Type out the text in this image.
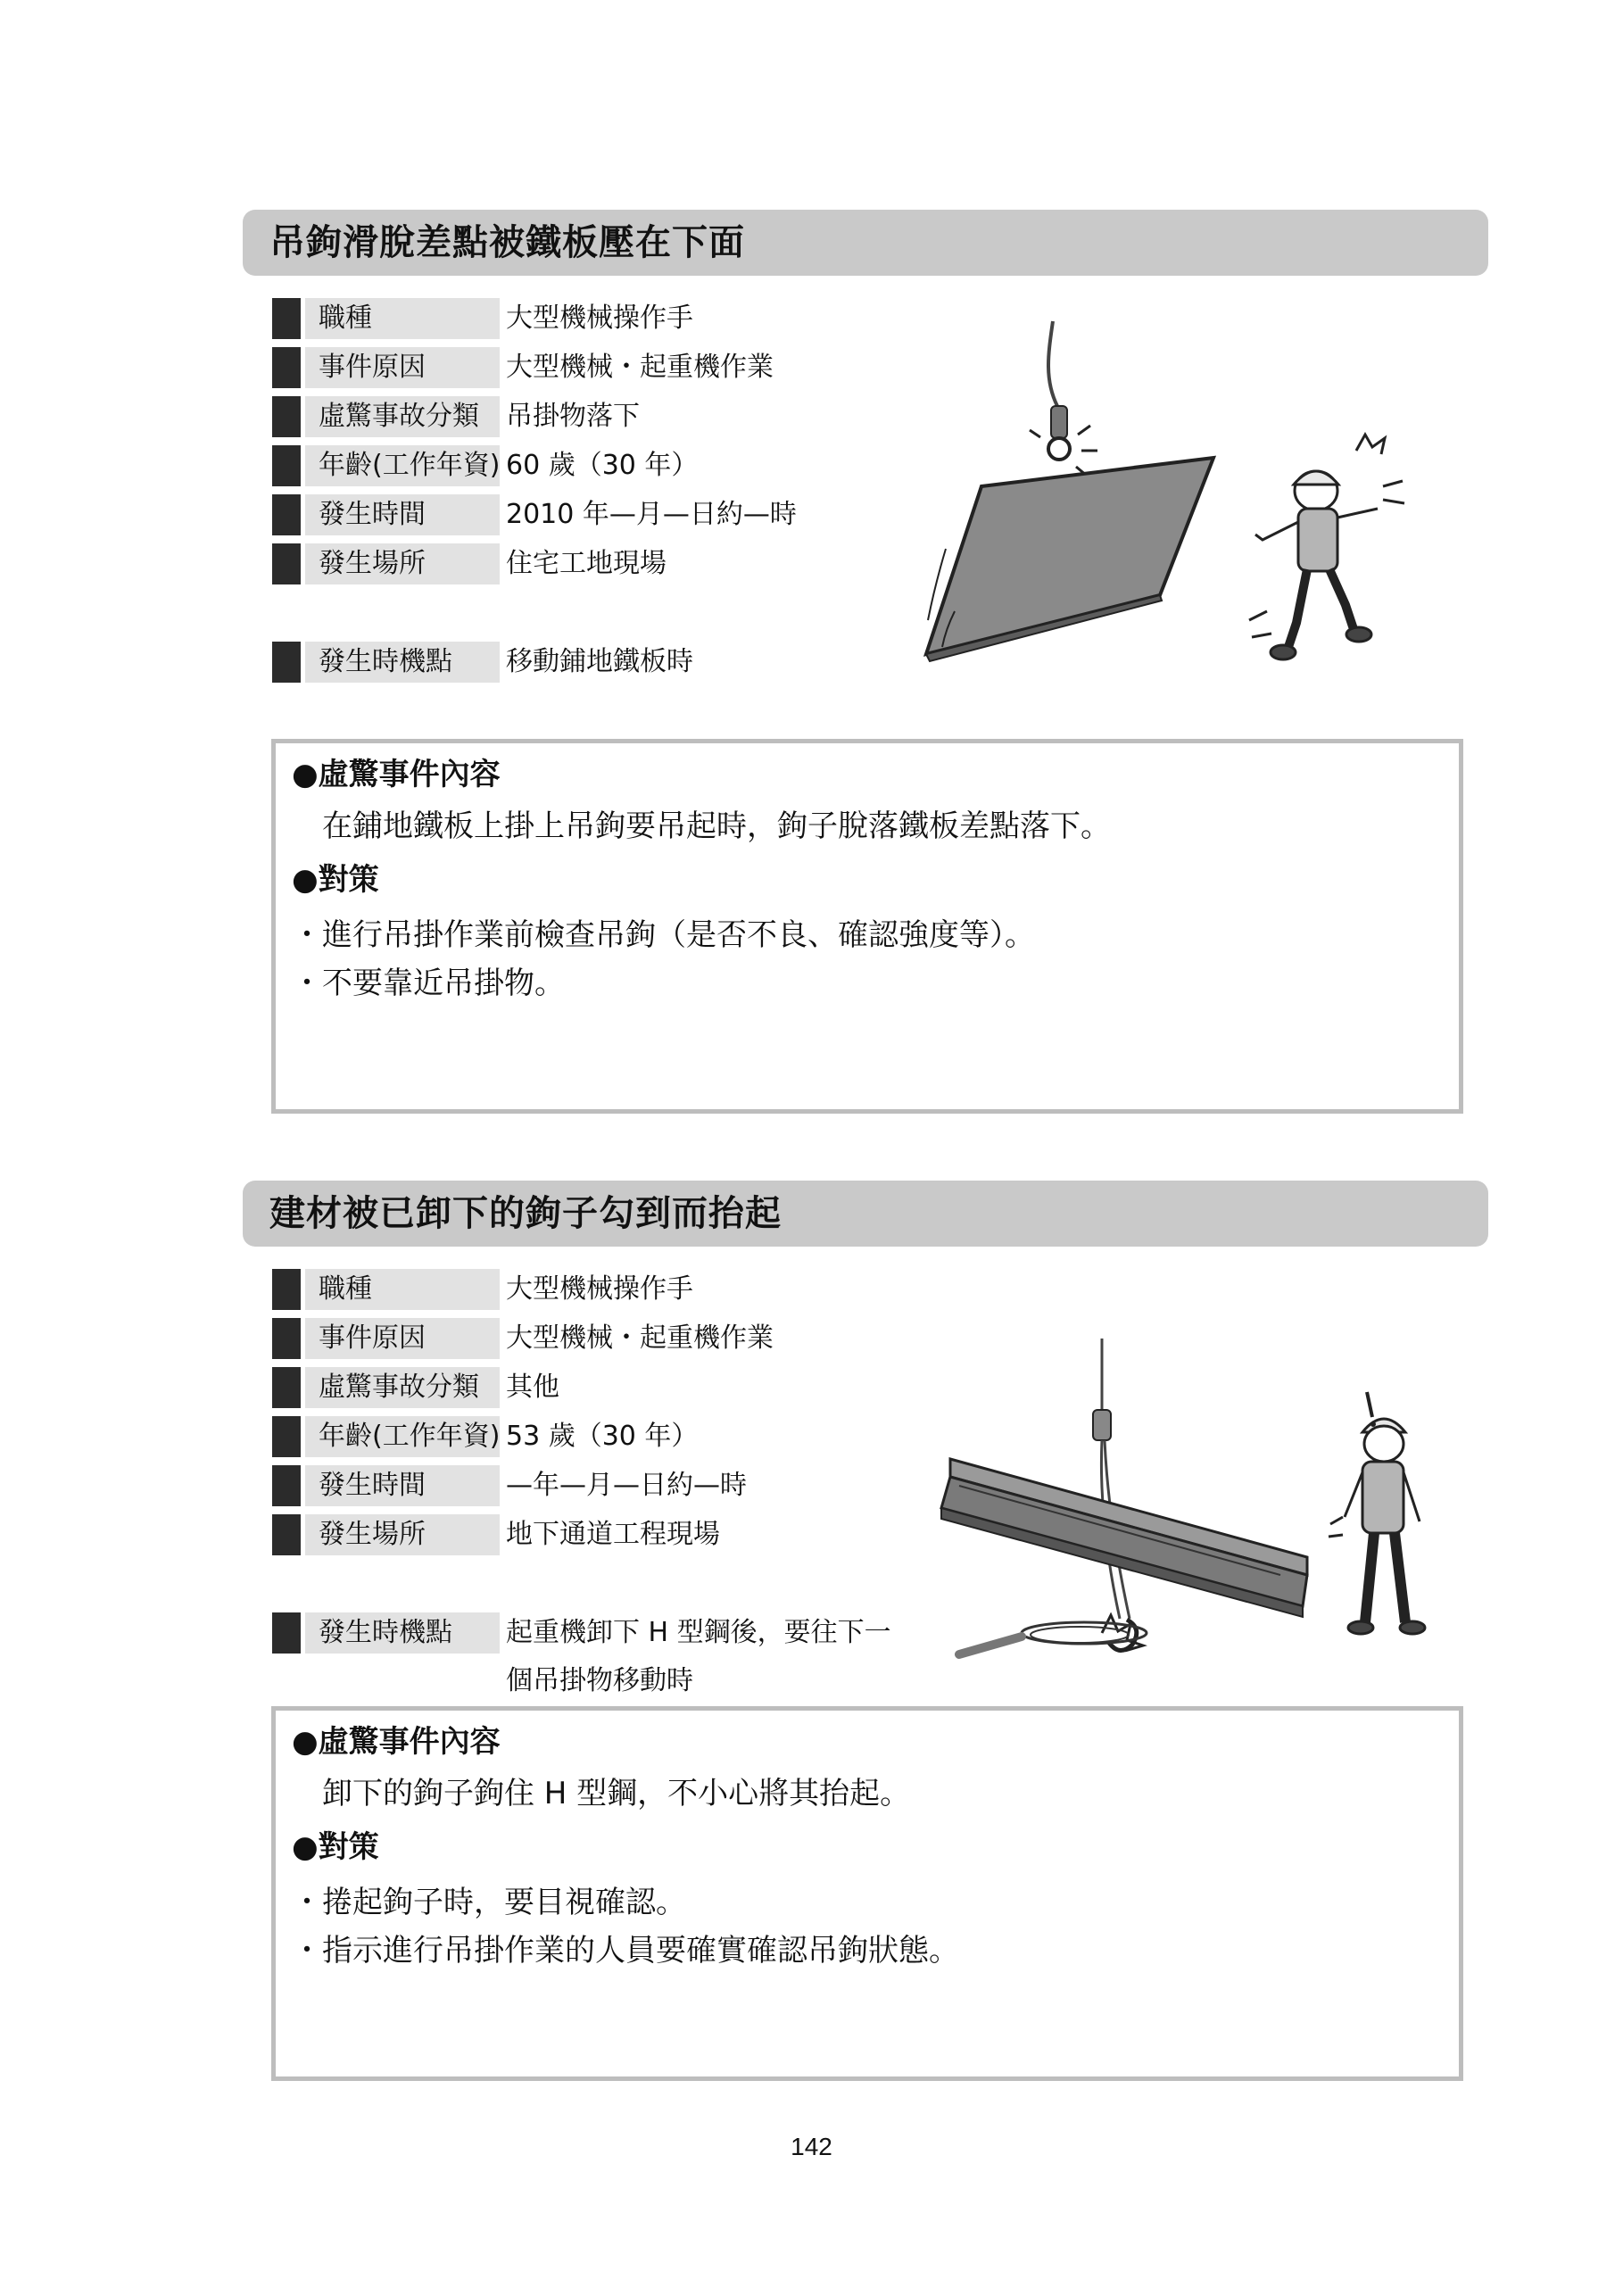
吊鉤滑脫差點被鐵板壓在下面
職種	大型機械操作手
事件原因	大型機械・起重機作業
虛驚事故分類	吊掛物落下
年齡(工作年資) 60 歲（30 年）
發生時間	2010 年—月—日約—時
發生場所	住宅工地現場
發生時機點	移動鋪地鐵板時
●虛驚事件內容
在鋪地鐵板上掛上吊鉤要吊起時，鉤子脫落鐵板差點落下。
●對策
・進行吊掛作業前檢查吊鉤（是否不良、確認強度等）。
・不要靠近吊掛物。
建材被已卸下的鉤子勾到而抬起
職種	大型機械操作手
事件原因	大型機械・起重機作業
虛驚事故分類	其他
年齡(工作年資) 53 歲（30 年）
發生時間	—年—月—日約—時
發生場所	地下通道工程現場
發生時機點	起重機卸下 H 型鋼後，要往下一
個吊掛物移動時
●虛驚事件內容
卸下的鉤子鉤住 H 型鋼，不小心將其抬起。
●對策
・捲起鉤子時，要目視確認。
・指示進行吊掛作業的人員要確實確認吊鉤狀態。
142
